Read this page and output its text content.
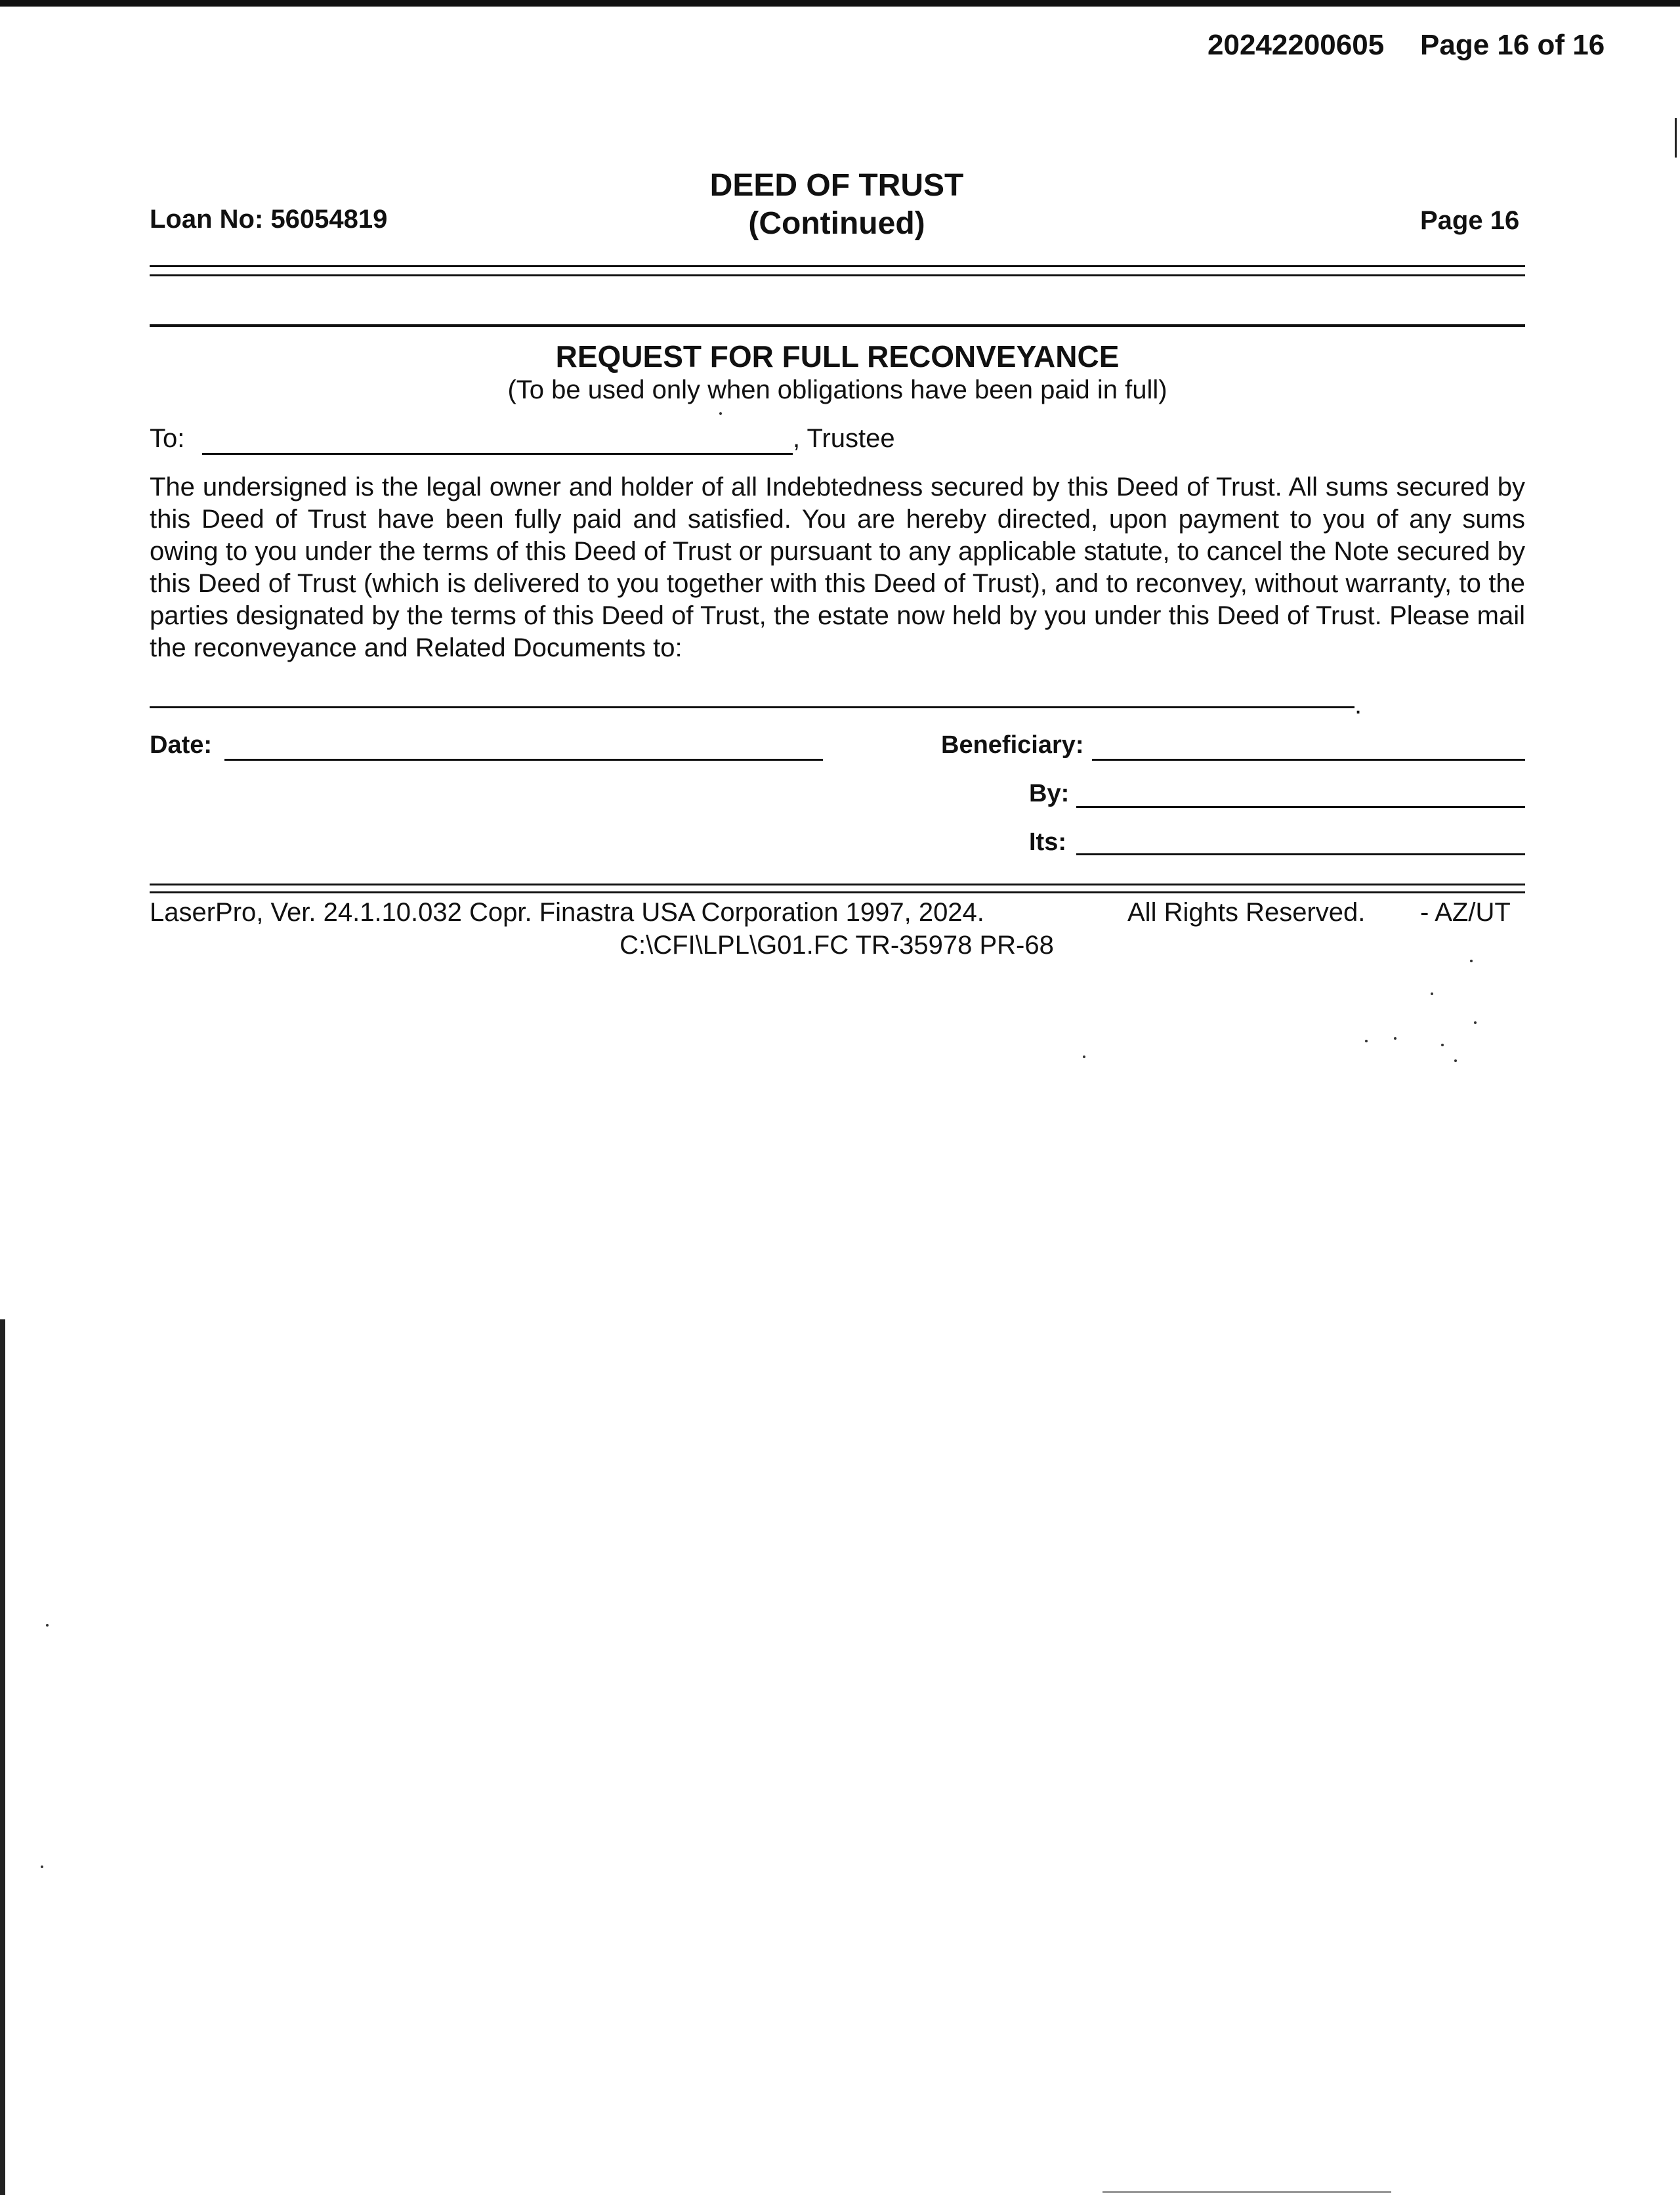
20242200605 Page 16 of 16
DEED OF TRUST
(Continued)
Loan No: 56054819	Page 16
REQUEST FOR FULL RECONVEYANCE
(To be used only when obligations have been paid in full)
To:	, Trustee

The undersigned is the legal owner and holder of all Indebtedness secured by this Deed of Trust. All sums secured by this Deed of Trust have been fully paid and satisfied. You are hereby directed, upon payment to you of any sums owing to you under the terms of this Deed of Trust or pursuant to any applicable statute, to cancel the Note secured by this Deed of Trust (which is delivered to you together with this Deed of Trust), and to reconvey, without warranty, to the parties designated by the terms of this Deed of Trust, the estate now held by you under this Deed of Trust. Please mail the reconveyance and Related Documents to:

.
Date:	Beneficiary:
By:
Its:
LaserPro, Ver. 24.1.10.032 Copr. Finastra USA Corporation 1997, 2024.	All Rights Reserved. - AZ/UT
C:\CFI\LPL\G01.FC TR-35978 PR-68
